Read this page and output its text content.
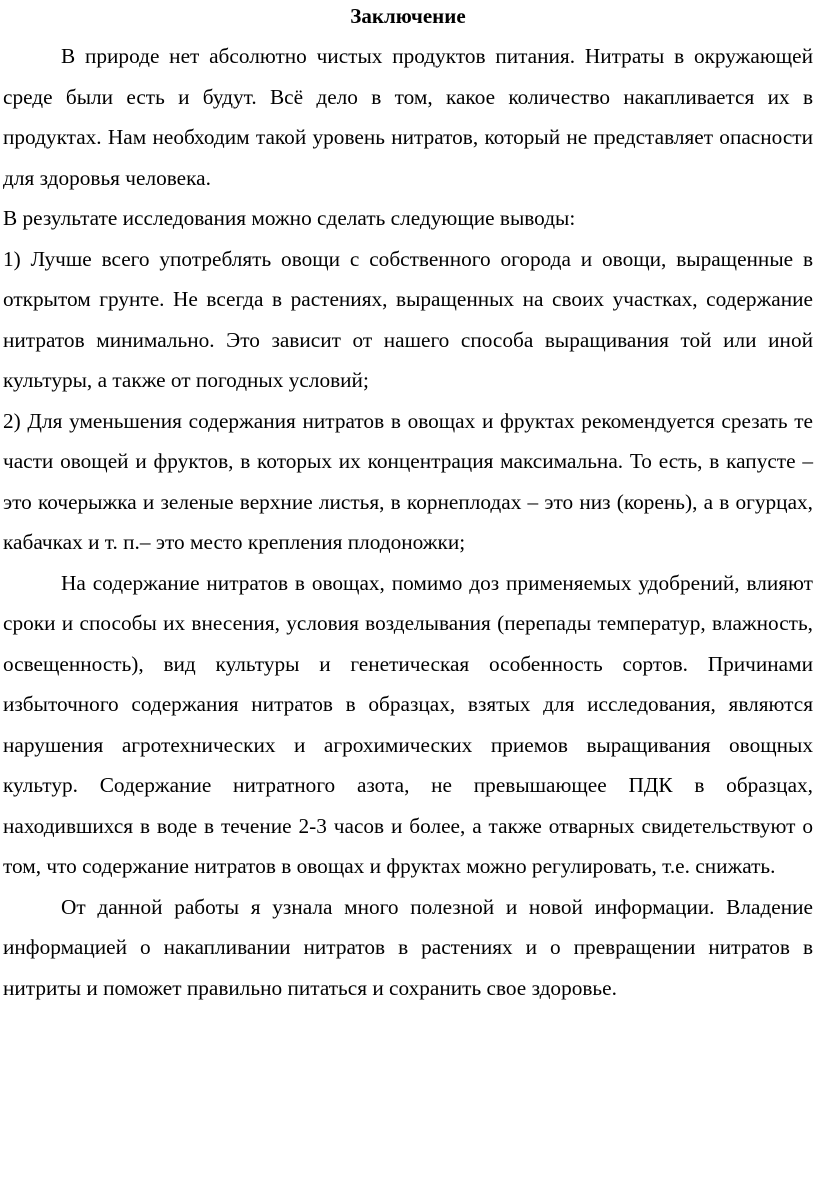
Заключение

В природе нет абсолютно чистых продуктов питания. Нитраты в окружающей среде были есть и будут. Всё дело в том, какое количество накапливается их в продуктах. Нам необходим такой уровень нитратов, который не представляет опасности для здоровья человека.

В результате исследования можно сделать следующие выводы:

1) Лучше всего употреблять овощи с собственного огорода и овощи, выращенные в открытом грунте. Не всегда в растениях, выращенных на своих участках, содержание нитратов минимально. Это зависит от нашего способа выращивания той или иной культуры, а также от погодных условий;

2) Для уменьшения содержания нитратов в овощах и фруктах рекомендуется срезать те части овощей и фруктов, в которых их концентрация максимальна. То есть, в капусте – это кочерыжка и зеленые верхние листья, в корнеплодах – это низ (корень), а в огурцах, кабачках и т. п.– это место крепления плодоножки;

На содержание нитратов в овощах, помимо доз применяемых удобрений, влияют сроки и способы их внесения, условия возделывания (перепады температур, влажность, освещенность), вид культуры и генетическая особенность сортов. Причинами избыточного содержания нитратов в образцах, взятых для исследования, являются нарушения агротехнических и агрохимических приемов выращивания овощных культур. Содержание нитратного азота, не превышающее ПДК в образцах, находившихся в воде в течение 2-3 часов и более, а также отварных свидетельствуют о том, что содержание нитратов в овощах и фруктах можно регулировать, т.е. снижать.

От данной работы я узнала много полезной и новой информации. Владение информацией о накапливании нитратов в растениях и о превращении нитратов в нитриты и поможет правильно питаться и сохранить свое здоровье.
